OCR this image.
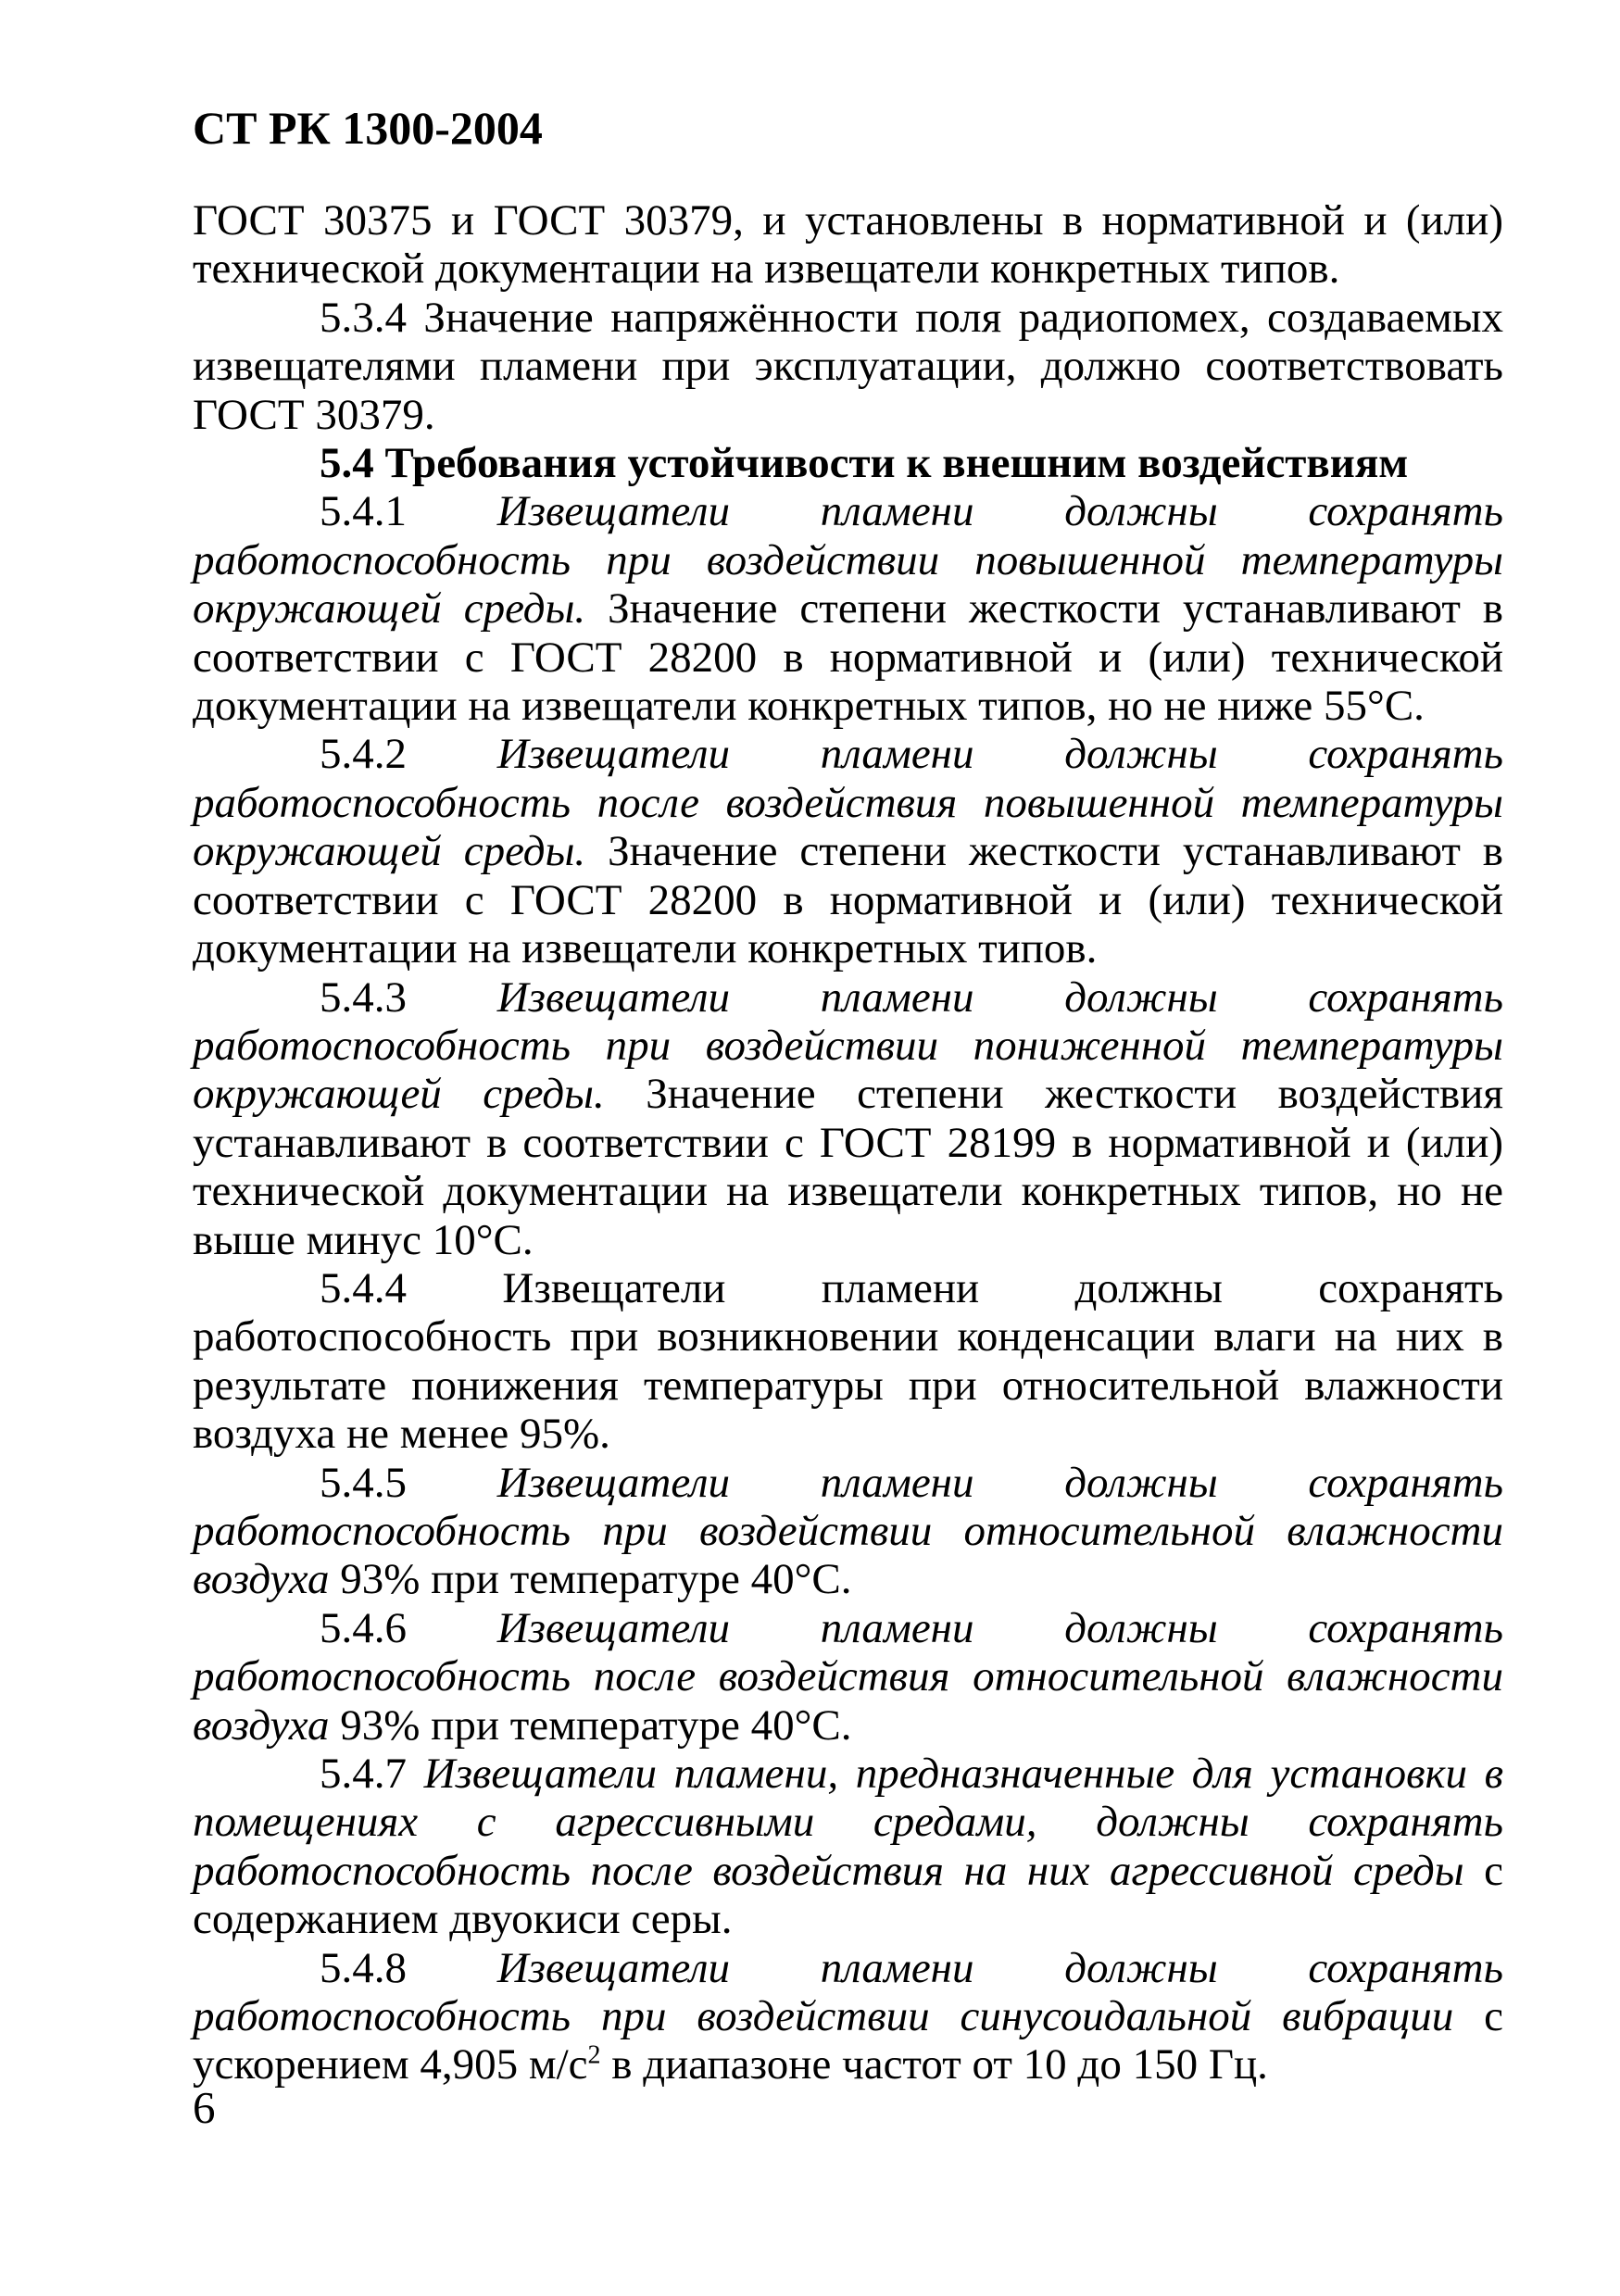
СТ РК 1300-2004

ГОСТ 30375 и ГОСТ 30379, и установлены в нормативной и (или) технической документации на извещатели конкретных типов.

5.3.4 Значение напряжённости поля радиопомех, создаваемых извещателями пламени при эксплуатации, должно соответствовать ГОСТ 30379.

5.4 Требования устойчивости к внешним воздействиям

5.4.1 Извещатели пламени должны сохранять работоспособность при воздействии повышенной температуры окружающей среды. Значение степени жесткости устанавливают в соответствии с ГОСТ 28200 в нормативной и (или) технической документации на извещатели конкретных типов, но не ниже 55°С.

5.4.2 Извещатели пламени должны сохранять работоспособность после воздействия повышенной температуры окружающей среды. Значение степени жесткости устанавливают в соответствии с ГОСТ 28200 в нормативной и (или) технической документации на извещатели конкретных типов.

5.4.3 Извещатели пламени должны сохранять работоспособность при воздействии пониженной температуры окружающей среды. Значение степени жесткости воздействия устанавливают в соответствии с ГОСТ 28199 в нормативной и (или) технической документации на извещатели конкретных типов, но не выше минус 10°С.

5.4.4 Извещатели пламени должны сохранять работоспособность при возникновении конденсации влаги на них в результате понижения температуры при относительной влажности воздуха не менее 95%.

5.4.5 Извещатели пламени должны сохранять работоспособность при воздействии относительной влажности воздуха 93% при температуре 40°С.

5.4.6 Извещатели пламени должны сохранять работоспособность после воздействия относительной влажности воздуха 93% при температуре 40°С.

5.4.7 Извещатели пламени, предназначенные для установки в помещениях с агрессивными средами, должны сохранять работоспособность после воздействия на них агрессивной среды с содержанием двуокиси серы.

5.4.8 Извещатели пламени должны сохранять работоспособность при воздействии синусоидальной вибрации с ускорением 4,905 $м/с^2$ в диапазоне частот от 10 до 150 Гц.

6
